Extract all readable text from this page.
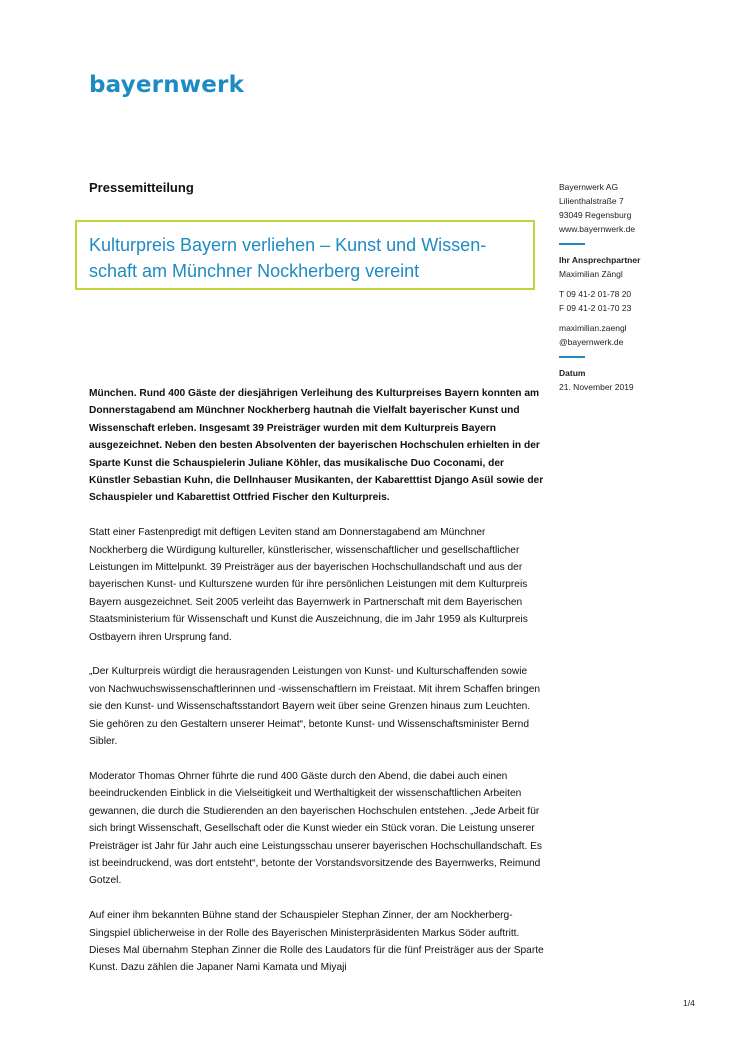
bayernwerk
Pressemitteilung
Kulturpreis Bayern verliehen – Kunst und Wissenschaft am Münchner Nockherberg vereint
Bayernwerk AG
Lilienthalstraße 7
93049 Regensburg
www.bayernwerk.de
Ihr Ansprechpartner
Maximilian Zängl
T 09 41-2 01-78 20
F 09 41-2 01-70 23
maximilian.zaengl
@bayernwerk.de
Datum
21. November 2019

München. Rund 400 Gäste der diesjährigen Verleihung des Kulturpreises Bayern konnten am Donnerstagabend am Münchner Nockherberg hautnah die Vielfalt bayerischer Kunst und Wissenschaft erleben. Insgesamt 39 Preisträger wurden mit dem Kulturpreis Bayern ausgezeichnet. Neben den besten Absolventen der bayerischen Hochschulen erhielten in der Sparte Kunst die Schauspielerin Juliane Köhler, das musikalische Duo Coconami, der Künstler Sebastian Kuhn, die Dellnhauser Musikanten, der Kabaretttist Django Asül sowie der Schauspieler und Kabarettist Ottfried Fischer den Kulturpreis.

Statt einer Fastenpredigt mit deftigen Leviten stand am Donnerstagabend am Münchner Nockherberg die Würdigung kultureller, künstlerischer, wissenschaftlicher und gesellschaftlicher Leistungen im Mittelpunkt. 39 Preisträger aus der bayerischen Hochschullandschaft und aus der bayerischen Kunst- und Kulturszene wurden für ihre persönlichen Leistungen mit dem Kulturpreis Bayern ausgezeichnet. Seit 2005 verleiht das Bayernwerk in Partnerschaft mit dem Bayerischen Staatsministerium für Wissenschaft und Kunst die Auszeichnung, die im Jahr 1959 als Kulturpreis Ostbayern ihren Ursprung fand.

„Der Kulturpreis würdigt die herausragenden Leistungen von Kunst- und Kulturschaffenden sowie von Nachwuchswissenschaftlerinnen und -wissenschaftlern im Freistaat. Mit ihrem Schaffen bringen sie den Kunst- und Wissenschaftsstandort Bayern weit über seine Grenzen hinaus zum Leuchten. Sie gehören zu den Gestaltern unserer Heimat“, betonte Kunst- und Wissenschaftsminister Bernd Sibler.

Moderator Thomas Ohrner führte die rund 400 Gäste durch den Abend, die dabei auch einen beeindruckenden Einblick in die Vielseitigkeit und Werthaltigkeit der wissenschaftlichen Arbeiten gewannen, die durch die Studierenden an den bayerischen Hochschulen entstehen. „Jede Arbeit für sich bringt Wissenschaft, Gesellschaft oder die Kunst wieder ein Stück voran. Die Leistung unserer Preisträger ist Jahr für Jahr auch eine Leistungsschau unserer bayerischen Hochschullandschaft. Es ist beeindruckend, was dort entsteht“, betonte der Vorstandsvorsitzende des Bayernwerks, Reimund Gotzel.

Auf einer ihm bekannten Bühne stand der Schauspieler Stephan Zinner, der am Nockherberg-Singspiel üblicherweise in der Rolle des Bayerischen Ministerpräsidenten Markus Söder auftritt. Dieses Mal übernahm Stephan Zinner die Rolle des Laudators für die fünf Preisträger aus der Sparte Kunst. Dazu zählen die Japaner Nami Kamata und Miyaji

1/4
